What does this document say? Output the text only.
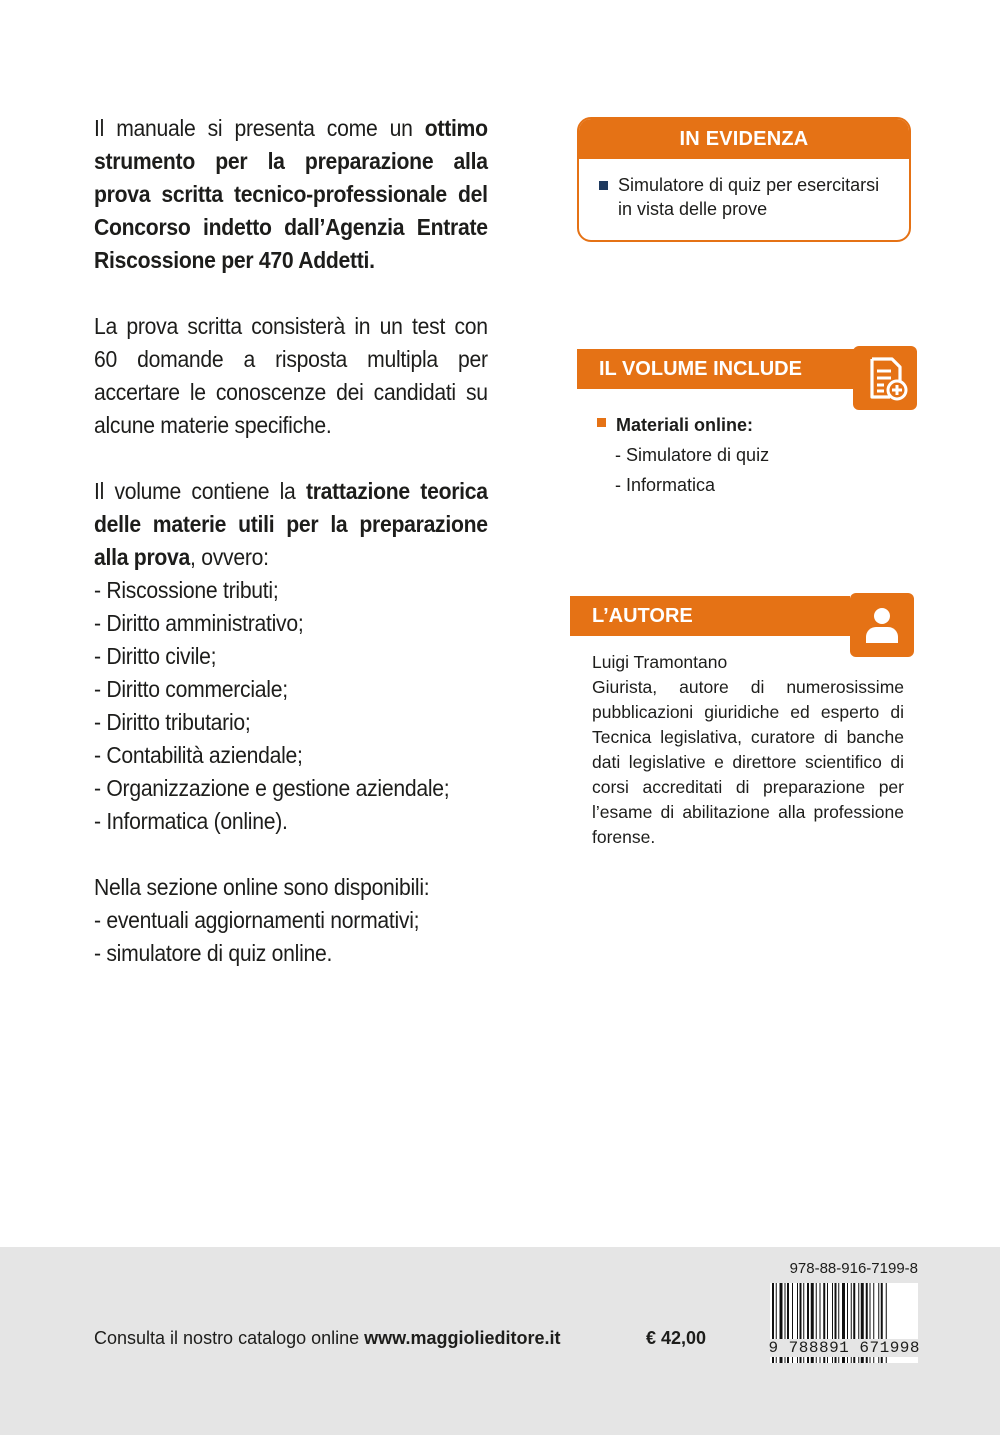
Il manuale si presenta come un ottimo strumento per la preparazione alla prova scritta tecnico-professionale del Concorso indetto dall’Agenzia Entrate Riscossione per 470 Addetti.

La prova scritta consisterà in un test con 60 domande a risposta multipla per accertare le conoscenze dei candidati su alcune materie specifiche.

Il volume contiene la trattazione teorica delle materie utili per la preparazione alla prova, ovvero:

- Riscossione tributi;
- Diritto amministrativo;
- Diritto civile;
- Diritto commerciale;
- Diritto tributario;
- Contabilità aziendale;
- Organizzazione e gestione aziendale;
- Informatica (online).

Nella sezione online sono disponibili:

- eventuali aggiornamenti normativi;
- simulatore di quiz online.
IN EVIDENZA
Simulatore di quiz per esercitarsi in vista delle prove
IL VOLUME INCLUDE
Materiali online:
- Simulatore di quiz
- Informatica
L’AUTORE
Luigi Tramontano
Giurista, autore di numerosissime pubblicazioni giuridiche ed esperto di Tecnica legislativa, curatore di banche dati legislative e direttore scientifico di corsi accreditati di preparazione per l’esame di abilitazione alla professione forense.
Consulta il nostro catalogo online www.maggiolieditore.it	€ 42,00
978-88-916-7199-8
9 788891 671998
